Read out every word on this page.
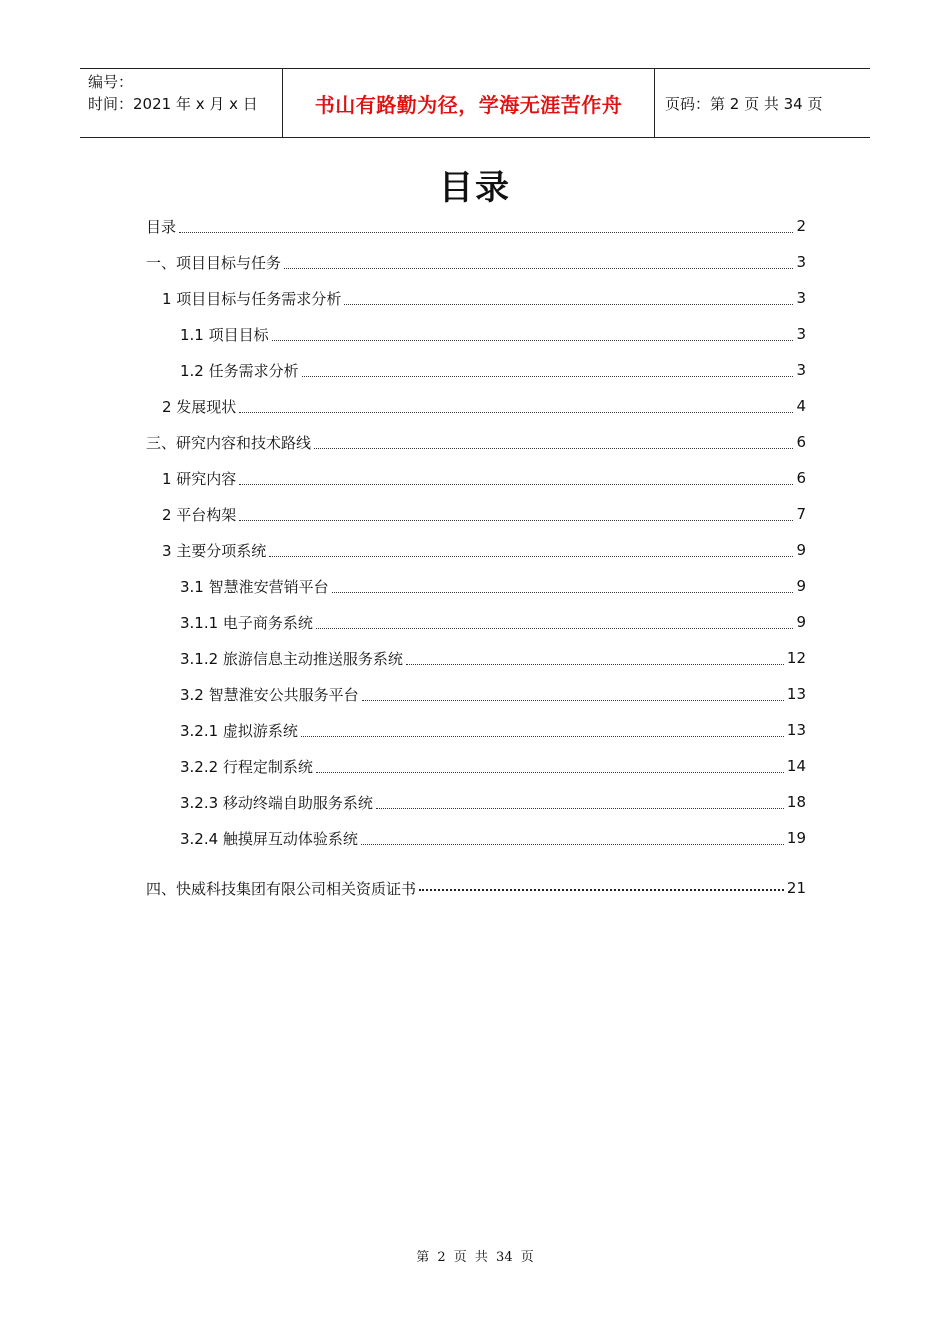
编号：
时间：2021 年 x 月 x 日	书山有路勤为径，学海无涯苦作舟	页码：第 2 页 共 34 页
目录
目录	2
一、项目目标与任务	3
1 项目目标与任务需求分析	3
1.1 项目目标	3
1.2 任务需求分析	3
2 发展现状	4
三、研究内容和技术路线	6
1 研究内容	6
2 平台构架	7
3 主要分项系统	9
3.1 智慧淮安营销平台	9
3.1.1 电子商务系统	9
3.1.2 旅游信息主动推送服务系统	12
3.2 智慧淮安公共服务平台	13
3.2.1 虚拟游系统	13
3.2.2 行程定制系统	14
3.2.3 移动终端自助服务系统	18
3.2.4 触摸屏互动体验系统	19
四、快威科技集团有限公司相关资质证书	21
第 2 页 共 34 页
